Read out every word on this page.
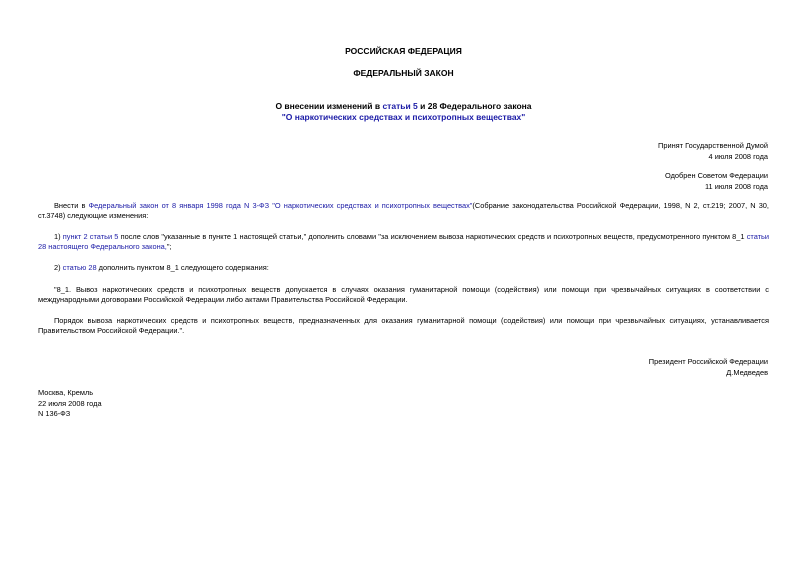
РОССИЙСКАЯ ФЕДЕРАЦИЯ
ФЕДЕРАЛЬНЫЙ ЗАКОН
О внесении изменений в статьи 5 и 28 Федерального закона
"О наркотических средствах и психотропных веществах"
Принят Государственной Думой
4 июля 2008 года
Одобрен Советом Федерации
11 июля 2008 года
Внести в Федеральный закон от 8 января 1998 года N 3-ФЗ "О наркотических средствах и психотропных веществах"(Собрание законодательства Российской Федерации, 1998, N 2, ст.219; 2007, N 30, ст.3748) следующие изменения:
1) пункт 2 статьи 5 после слов "указанные в пункте 1 настоящей статьи," дополнить словами "за исключением вывоза наркотических средств и психотропных веществ, предусмотренного пунктом 8_1 статьи 28 настоящего Федерального закона,";
2) статью 28 дополнить пунктом 8_1 следующего содержания:
"8_1. Вывоз наркотических средств и психотропных веществ допускается в случаях оказания гуманитарной помощи (содействия) или помощи при чрезвычайных ситуациях в соответствии с международными договорами Российской Федерации либо актами Правительства Российской Федерации.
Порядок вывоза наркотических средств и психотропных веществ, предназначенных для оказания гуманитарной помощи (содействия) или помощи при чрезвычайных ситуациях, устанавливается Правительством Российской Федерации.".
Президент Российской Федерации
Д.Медведев
Москва, Кремль
22 июля 2008 года
N 136-ФЗ
